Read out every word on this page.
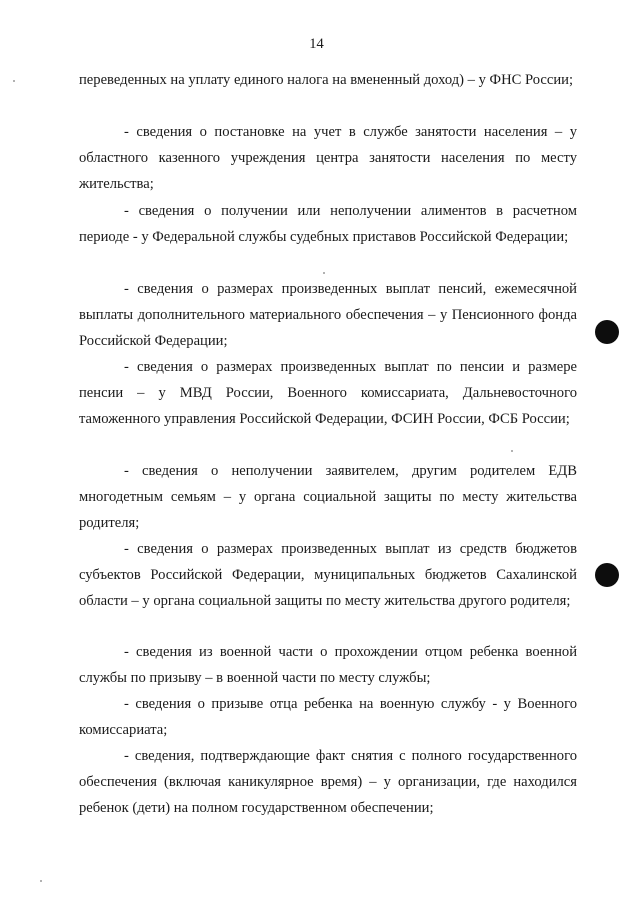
14

переведенных на уплату единого налога на вмененный доход) – у ФНС России;

- сведения о постановке на учет в службе занятости населения – у областного казенного учреждения центра занятости населения по месту жительства;

- сведения о получении или неполучении алиментов в расчетном периоде - у Федеральной службы судебных приставов Российской Федерации;

- сведения о размерах произведенных выплат пенсий, ежемесячной выплаты дополнительного материального обеспечения – у Пенсионного фонда Российской Федерации;

- сведения о размерах произведенных выплат по пенсии и размере пенсии – у МВД России, Военного комиссариата, Дальневосточного таможенного управления Российской Федерации, ФСИН России, ФСБ России;

- сведения о неполучении заявителем, другим родителем ЕДВ многодетным семьям – у органа социальной защиты по месту жительства родителя;

- сведения о размерах произведенных выплат из средств бюджетов субъектов Российской Федерации, муниципальных бюджетов Сахалинской области – у органа социальной защиты по месту жительства другого родителя;

- сведения из военной части о прохождении отцом ребенка военной службы по призыву – в военной части по месту службы;

- сведения о призыве отца ребенка на военную службу - у Военного комиссариата;

- сведения, подтверждающие факт снятия с полного государственного обеспечения (включая каникулярное время) – у организации, где находился ребенок (дети) на полном государственном обеспечении;
